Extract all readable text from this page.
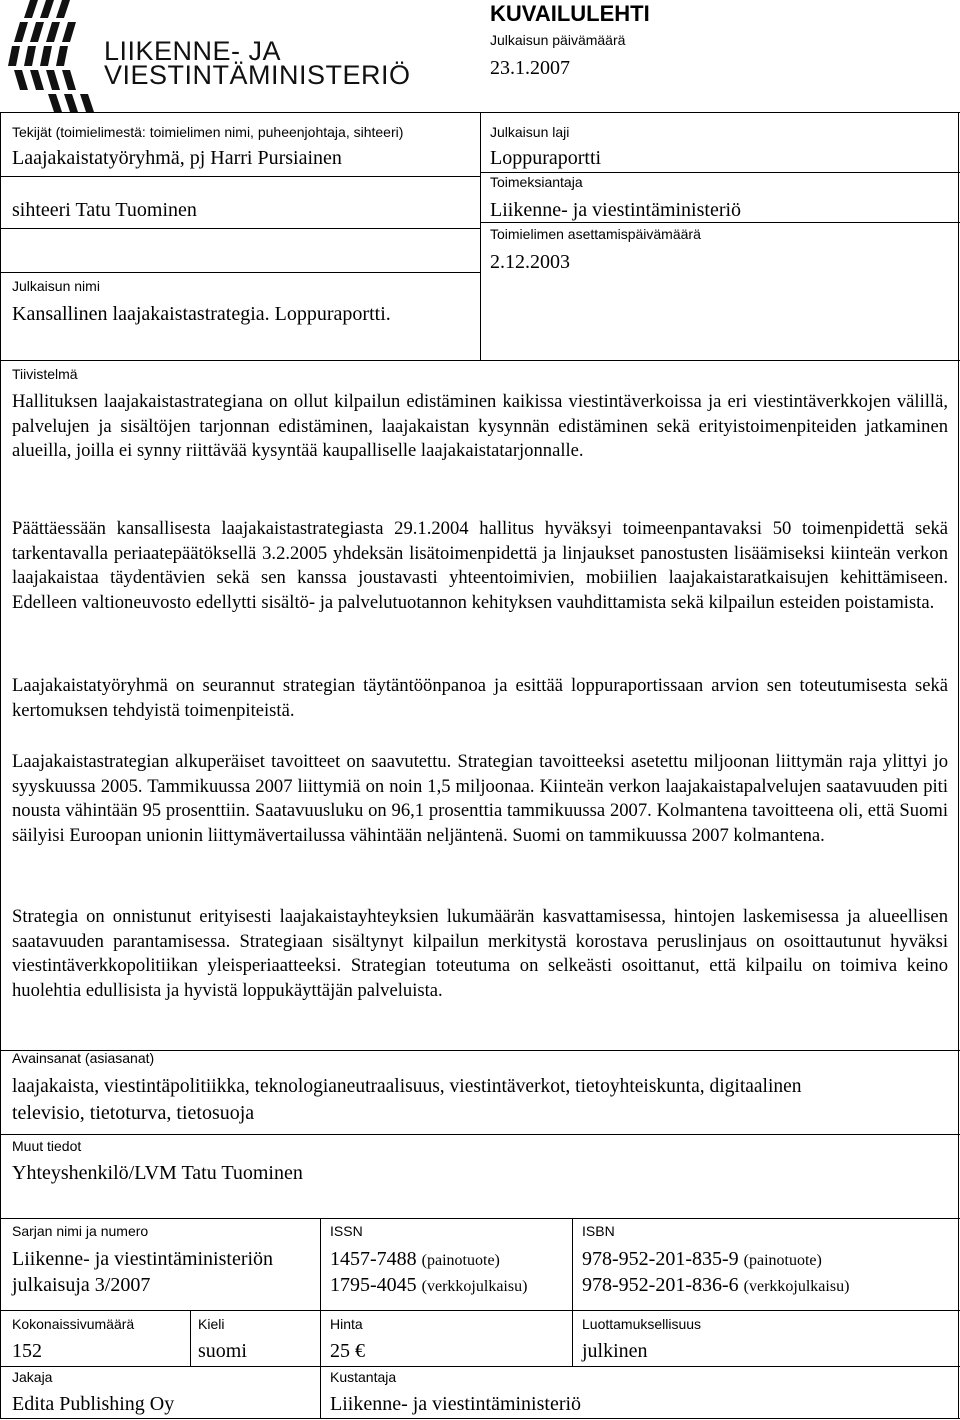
LIIKENNE- JA
VIESTINTÄMINISTERIÖ
KUVAILULEHTI
Julkaisun päivämäärä
23.1.2007
Tekijät (toimielimestä: toimielimen nimi, puheenjohtaja, sihteeri)
Laajakaistatyöryhmä, pj Harri Pursiainen
sihteeri Tatu Tuominen
Julkaisun nimi
Kansallinen laajakaistastrategia. Loppuraportti.
Julkaisun laji
Loppuraportti
Toimeksiantaja
Liikenne- ja viestintäministeriö
Toimielimen asettamispäivämäärä
2.12.2003
Tiivistelmä

Hallituksen laajakaistastrategiana on ollut kilpailun edistäminen kaikissa viestintäverkoissa ja eri viestintäverkkojen välillä, palvelujen ja sisältöjen tarjonnan edistäminen, laajakaistan kysynnän edistäminen sekä erityistoimenpiteiden jatkaminen alueilla, joilla ei synny riittävää kysyntää kaupalliselle laajakaistatarjonnalle.

Päättäessään kansallisesta laajakaistastrategiasta 29.1.2004 hallitus hyväksyi toimeenpantavaksi 50 toimenpidettä sekä tarkentavalla periaatepäätöksellä 3.2.2005 yhdeksän lisätoimenpidettä ja linjaukset panostusten lisäämiseksi kiinteän verkon laajakaistaa täydentävien sekä sen kanssa joustavasti yhteentoimivien, mobiilien laajakaistaratkaisujen kehittämiseen. Edelleen valtioneuvosto edellytti sisältö- ja palvelutuotannon kehityksen vauhdittamista sekä kilpailun esteiden poistamista.

Laajakaistatyöryhmä on seurannut strategian täytäntöönpanoa ja esittää loppuraportissaan arvion sen toteutumisesta sekä kertomuksen tehdyistä toimenpiteistä.

Laajakaistastrategian alkuperäiset tavoitteet on saavutettu. Strategian tavoitteeksi asetettu miljoonan liittymän raja ylittyi jo syyskuussa 2005. Tammikuussa 2007 liittymiä on noin 1,5 miljoonaa. Kiinteän verkon laajakaistapalvelujen saatavuuden piti nousta vähintään 95 prosenttiin. Saatavuusluku on 96,1 prosenttia tammikuussa 2007. Kolmantena tavoitteena oli, että Suomi säilyisi Euroopan unionin liittymävertailussa vähintään neljäntenä. Suomi on tammikuussa 2007 kolmantena.

Strategia on onnistunut erityisesti laajakaistayhteyksien lukumäärän kasvattamisessa, hintojen laskemisessa ja alueellisen saatavuuden parantamisessa. Strategiaan sisältynyt kilpailun merkitystä korostava peruslinjaus on osoittautunut hyväksi viestintäverkkopolitiikan yleisperiaatteeksi. Strategian toteutuma on selkeästi osoittanut, että kilpailu on toimiva keino huolehtia edullisista ja hyvistä loppukäyttäjän palveluista.

Avainsanat (asiasanat)
laajakaista, viestintäpolitiikka, teknologianeutraalisuus, viestintäverkot, tietoyhteiskunta, digitaalinen
televisio, tietoturva, tietosuoja
Muut tiedot
Yhteyshenkilö/LVM Tatu Tuominen
Sarjan nimi ja numero
Liikenne- ja viestintäministeriön
julkaisuja 3/2007
ISSN
1457-7488 (painotuote)
1795-4045 (verkkojulkaisu)
ISBN
978-952-201-835-9 (painotuote)
978-952-201-836-6 (verkkojulkaisu)
Kokonaissivumäärä
152
Kieli
suomi
Hinta
25 €
Luottamuksellisuus
julkinen
Jakaja
Edita Publishing Oy
Kustantaja
Liikenne- ja viestintäministeriö
